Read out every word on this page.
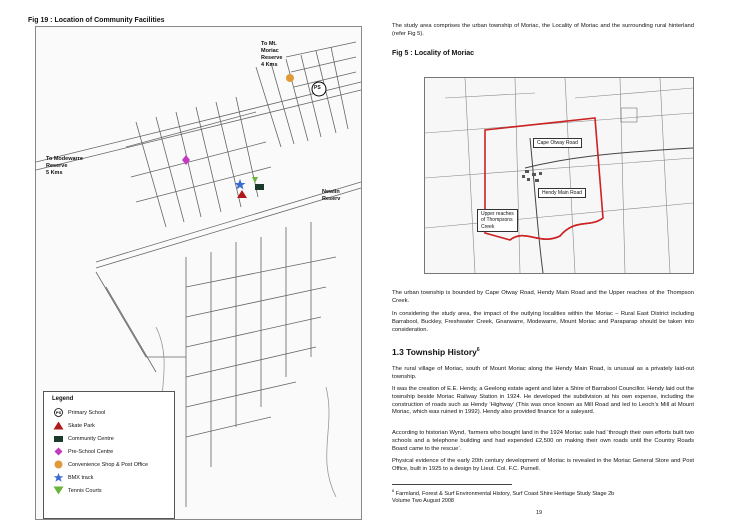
Fig 19 : Location of Community Facilities
PS
To Mt.
Moriac
Reserve
4 Kms
To Modewarre
Reserve
5 Kms
Newlin
Reserv
Legend
PS Primary School
Skate Park
Community Centre
Pre-School Centre
Convenience Shop & Post Office
BMX track
Tennis Courts
The study area comprises the urban township of Moriac, the Locality of Moriac and the surrounding rural hinterland (refer Fig 5).
Fig 5 : Locality of Moriac
Cape Otway Road
Hendy Main Road
Upper reaches
of Thompsons
Creek
The urban township is bounded by Cape Otway Road, Hendy Main Road and the Upper reaches of the Thompson Creek.
In considering the study area, the impact of the outlying localities within the Moriac – Rural East District including Barrabool, Buckley, Freshwater Creek, Gnarwarre, Modewarre, Mount Moriac and Paraparap should be taken into consideration.
1.3 Township History$^6$
The rural village of Moriac, south of Mount Moriac along the Hendy Main Road, is unusual as a privately laid-out township.
It was the creation of E.E. Hendy, a Geelong estate agent and later a Shire of Barrabool Councillor. Hendy laid out the township beside Moriac Railway Station in 1924. He developed the subdivision at his own expense, including the construction of roads such as Hendy ‘Highway’ (This was once known as Mill Road and led to Leoch’s Mill at Mount Moriac, which was ruined in 1992). Hendy also provided finance for a saleyard.
According to historian Wynd, ‘farmers who bought land in the 1924 Moriac sale had ‘through their own efforts built two schools and a telephone building and had expended £2,500 on making their own roads until the Country Roads Board came to the rescue’.
Physical evidence of the early 20th century development of Moriac is revealed in the Moriac General Store and Post Office, built in 1925 to a design by Lieut. Col. F.C. Purnell.
$^6$ Farmland, Forest & Surf Environmental History, Surf Coast Shire Heritage Study Stage 2b
Volume Two August 2008
19
